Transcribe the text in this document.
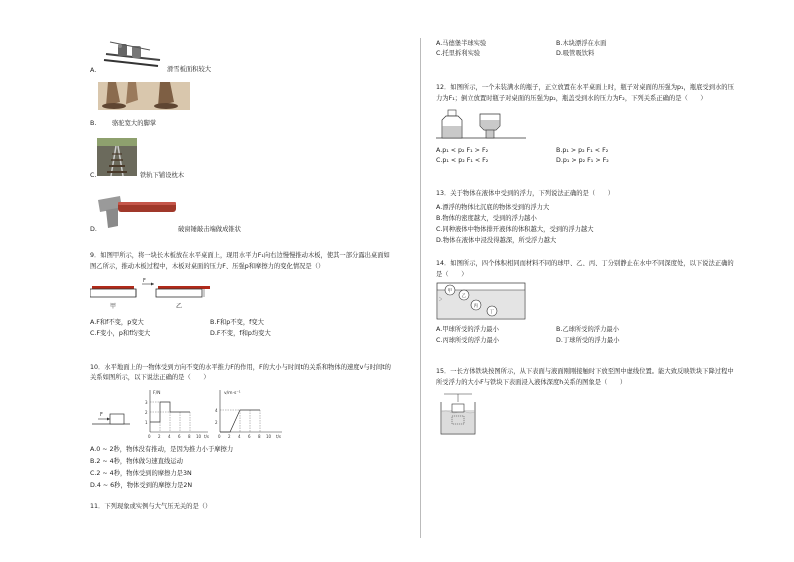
A.	滑雪板面积较大
B. 骆驼宽大的脚掌
C.	铁轨下铺设枕木
D.	破窗锤敲击端做成锥状
9．如图甲所示，将一块长木板放在水平桌面上，现用水平力F₁向右边慢慢推动木板，使其一部分露出桌面如
图乙所示，推动木板过程中，木板对桌面的压力F、压强p和摩擦力的变化情况是（）
F
甲	乙
A.F和f不变，p变大	B.F和p不变，f变大
C.F变小，p和f均变大	D.F不变，f和p均变大
10．水平地面上的一物体受到方向不变的水平推力F的作用，F的大小与时间t的关系和物体的速度v与时间t的
关系如图所示，以下说法正确的是（　　）
F
F/N
1
2
3
0 2 4 6 8 10 t/s
v/m·s⁻¹
2
4
0 2 4 6 8 10 t/s
A.0 ~ 2秒，物体没有推动，是因为推力小于摩擦力
B.2 ~ 4秒，物体做匀速直线运动
C.2 ~ 4秒，物体受到的摩擦力是3N
D.4 ~ 6秒，物体受到的摩擦力是2N
11．下列现象或实例与大气压无关的是（）
A.马德堡半球实验	B.木块漂浮在水面
C.托里拆利实验	D.吸管吸饮料
12．如图所示，一个未装满水的瓶子，正立放置在水平桌面上时，瓶子对桌面的压强为p₁，瓶底受到水的压
力为F₁；倒立放置时瓶子对桌面的压强为p₂，瓶盖受到水的压力为F₂，下列关系正确的是（　　）
A.p₁ < p₂ F₁ > F₂	B.p₁ > p₂ F₁ < F₂
C.p₁ < p₂ F₁ < F₂	D.p₁ > p₂ F₁ > F₂
13．关于物体在液体中受到的浮力，下列说法正确的是（　　）
A.漂浮的物体比沉底的物体受到的浮力大
B.物体的密度越大，受到的浮力越小
C.同种液体中物体排开液体的体积越大，受到的浮力越大
D.物体在液体中浸没得越深，所受浮力越大
14．如图所示，四个体积相同而材料不同的球甲、乙、丙、丁分别静止在水中不同深度处，以下说法正确的
是（　　）
甲
乙
丙
丁
A.甲球所受的浮力最小	B.乙球所受的浮力最小
C.丙球所受的浮力最小	D.丁球所受的浮力最小
15．一长方体铁块按图所示，从下表面与液面刚刚接触时下放至图中虚线位置。能大致反映铁块下降过程中
所受浮力的大小F与铁块下表面浸入液体深度h关系的图象是（　　）
